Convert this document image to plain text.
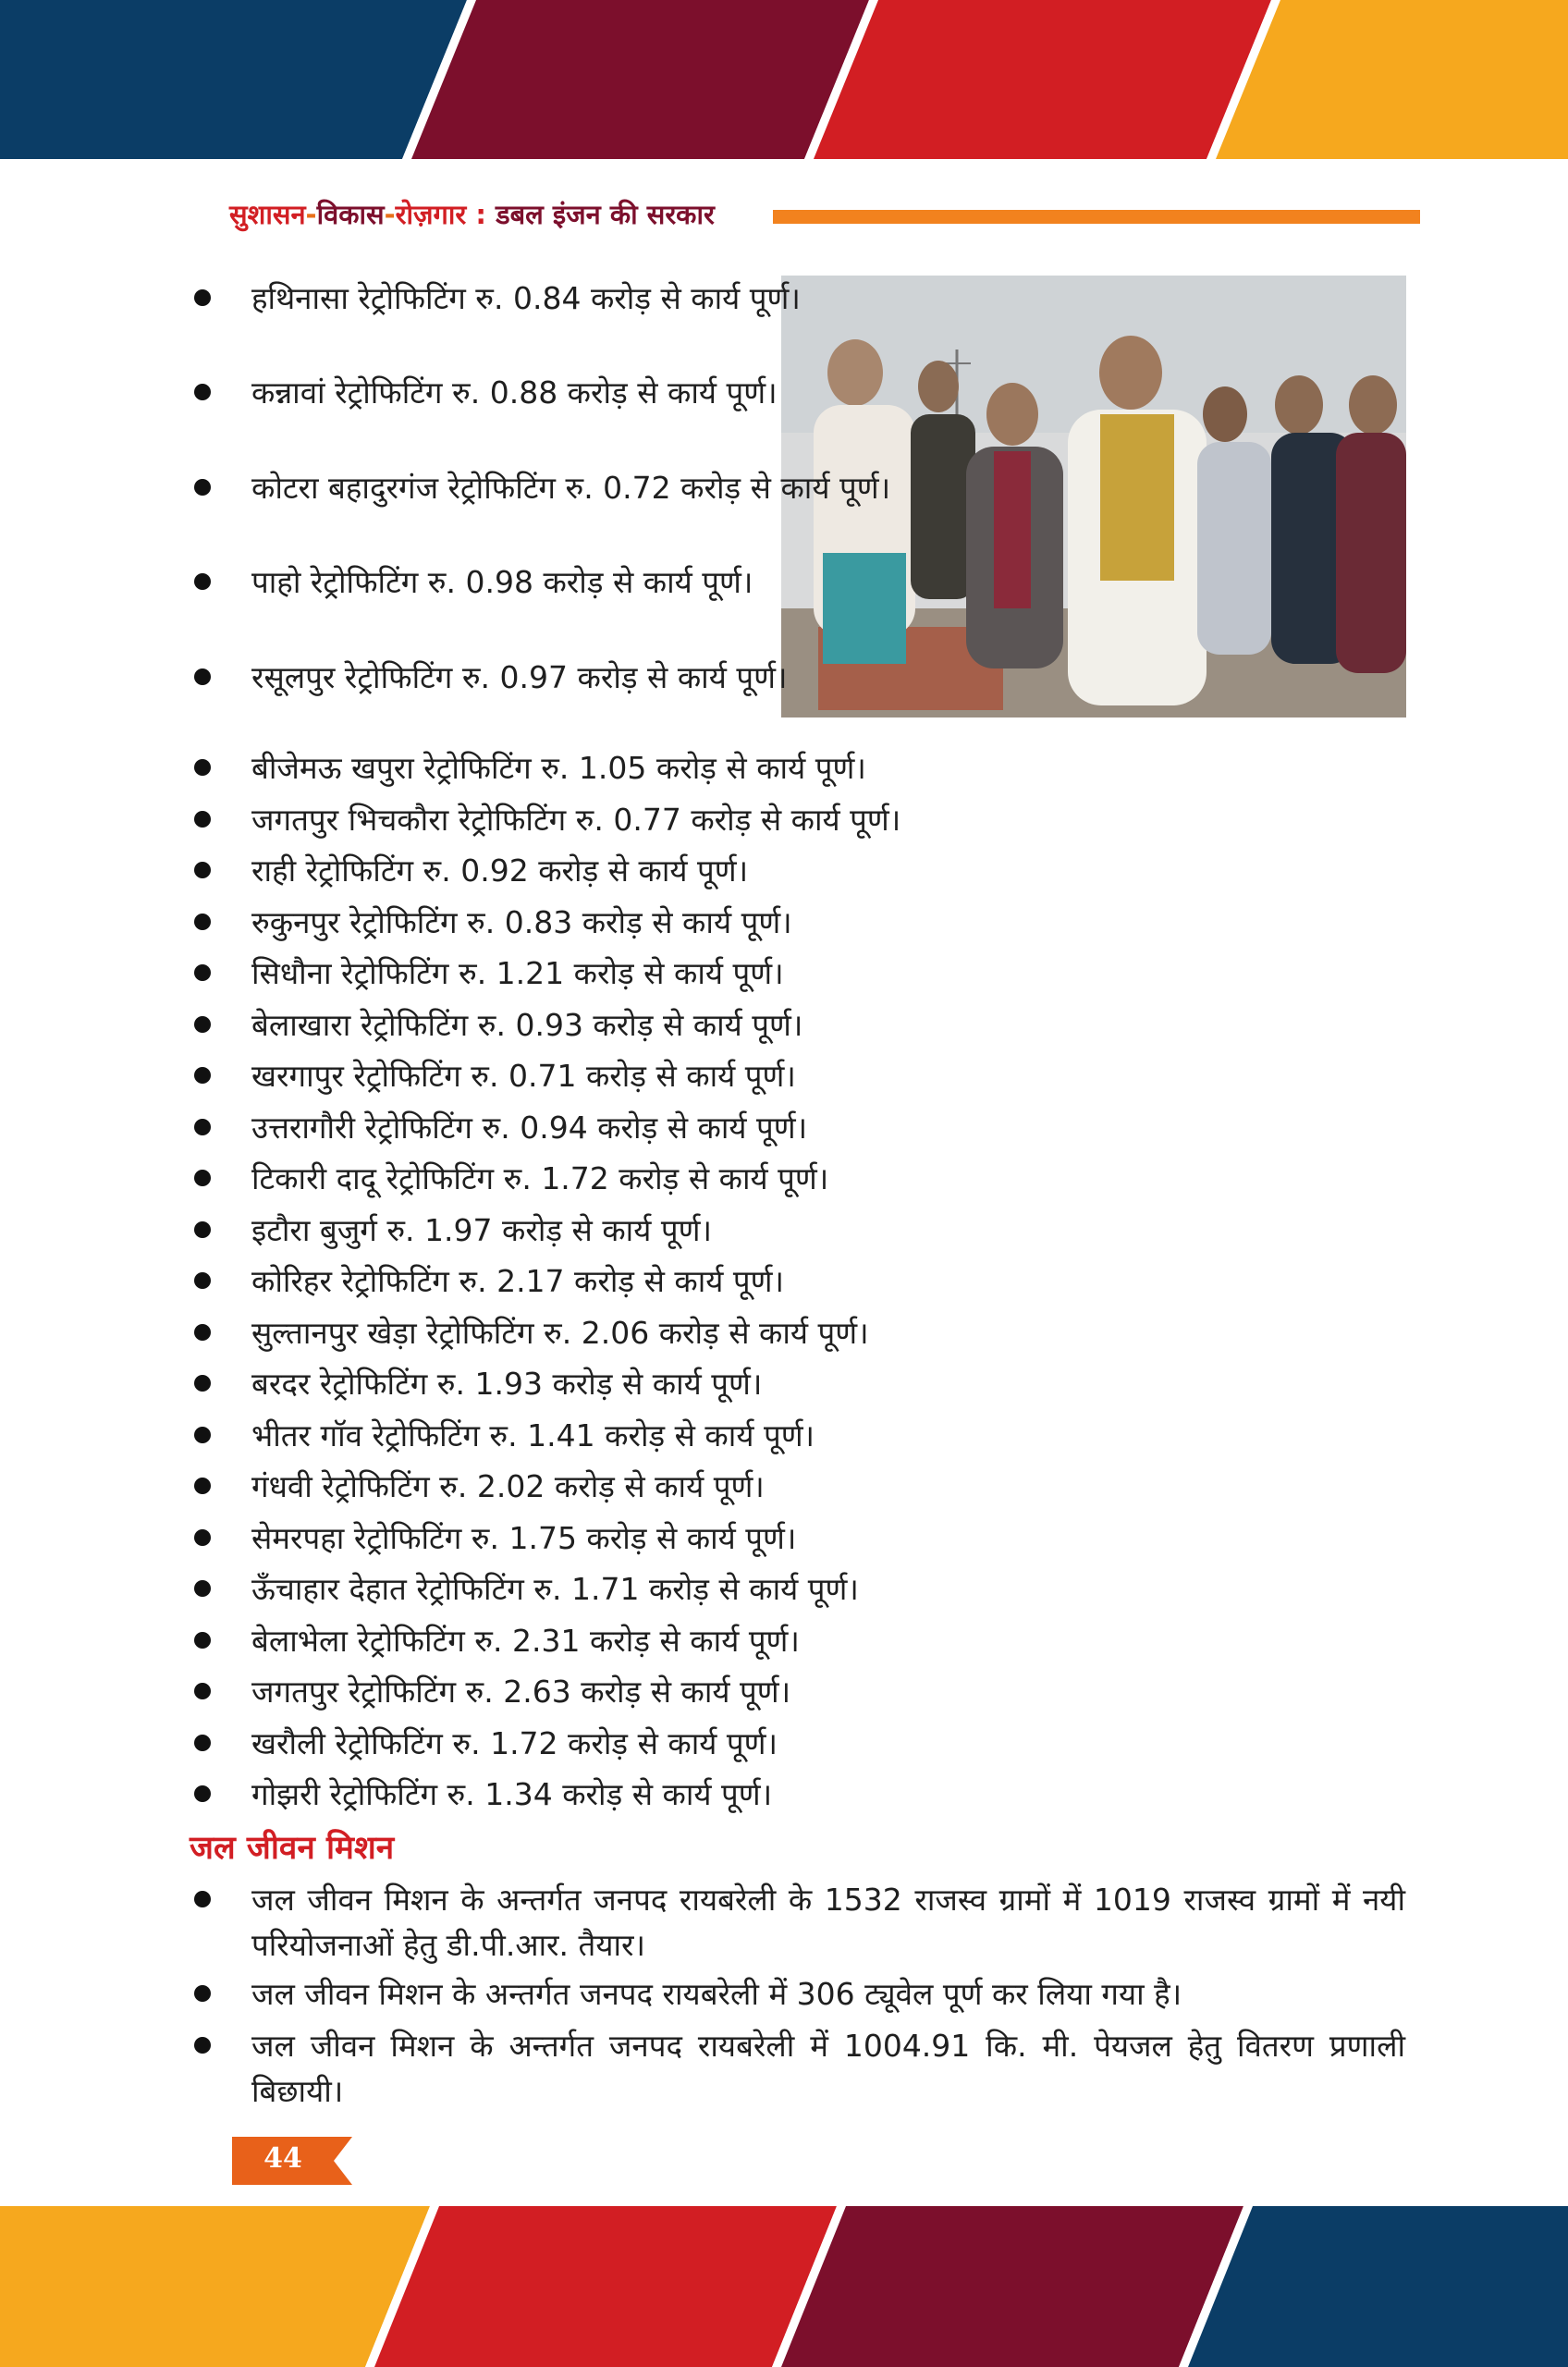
सुशासन-विकास-रोज़गार : डबल इंजन की सरकार
हथिनासा रेट्रोफिटिंग रु. 0.84 करोड़ से कार्य पूर्ण।
कन्नावां रेट्रोफिटिंग रु. 0.88 करोड़ से कार्य पूर्ण।
कोटरा बहादुरगंज रेट्रोफिटिंग रु. 0.72 करोड़ से कार्य पूर्ण।
पाहो रेट्रोफिटिंग रु. 0.98 करोड़ से कार्य पूर्ण।
रसूलपुर रेट्रोफिटिंग रु. 0.97 करोड़ से कार्य पूर्ण।
बीजेमऊ खपुरा रेट्रोफिटिंग रु. 1.05 करोड़ से कार्य पूर्ण।
जगतपुर भिचकौरा रेट्रोफिटिंग रु. 0.77 करोड़ से कार्य पूर्ण।
राही रेट्रोफिटिंग रु. 0.92 करोड़ से कार्य पूर्ण।
रुकुनपुर रेट्रोफिटिंग रु. 0.83 करोड़ से कार्य पूर्ण।
सिधौना रेट्रोफिटिंग रु. 1.21 करोड़ से कार्य पूर्ण।
बेलाखारा रेट्रोफिटिंग रु. 0.93 करोड़ से कार्य पूर्ण।
खरगापुर रेट्रोफिटिंग रु. 0.71 करोड़ से कार्य पूर्ण।
उत्तरागौरी रेट्रोफिटिंग रु. 0.94 करोड़ से कार्य पूर्ण।
टिकारी दादू रेट्रोफिटिंग रु. 1.72 करोड़ से कार्य पूर्ण।
इटौरा बुजुर्ग रु. 1.97 करोड़ से कार्य पूर्ण।
कोरिहर रेट्रोफिटिंग रु. 2.17 करोड़ से कार्य पूर्ण।
सुल्तानपुर खेड़ा रेट्रोफिटिंग रु. 2.06 करोड़ से कार्य पूर्ण।
बरदर रेट्रोफिटिंग रु. 1.93 करोड़ से कार्य पूर्ण।
भीतर गॉव रेट्रोफिटिंग रु. 1.41 करोड़ से कार्य पूर्ण।
गंधवी रेट्रोफिटिंग रु. 2.02 करोड़ से कार्य पूर्ण।
सेमरपहा रेट्रोफिटिंग रु. 1.75 करोड़ से कार्य पूर्ण।
ऊँचाहार देहात रेट्रोफिटिंग रु. 1.71 करोड़ से कार्य पूर्ण।
बेलाभेला रेट्रोफिटिंग रु. 2.31 करोड़ से कार्य पूर्ण।
जगतपुर रेट्रोफिटिंग रु. 2.63 करोड़ से कार्य पूर्ण।
खरौली रेट्रोफिटिंग रु. 1.72 करोड़ से कार्य पूर्ण।
गोझरी रेट्रोफिटिंग रु. 1.34 करोड़ से कार्य पूर्ण।
जल जीवन मिशन
जल जीवन मिशन के अन्तर्गत जनपद रायबरेली के 1532 राजस्व ग्रामों में 1019 राजस्व ग्रामों में नयी परियोजनाओं हेतु डी.पी.आर. तैयार।
जल जीवन मिशन के अन्तर्गत जनपद रायबरेली में 306 ट्यूवेल पूर्ण कर लिया गया है।
जल जीवन मिशन के अन्तर्गत जनपद रायबरेली में 1004.91 कि. मी. पेयजल हेतु वितरण प्रणाली बिछायी।
44
